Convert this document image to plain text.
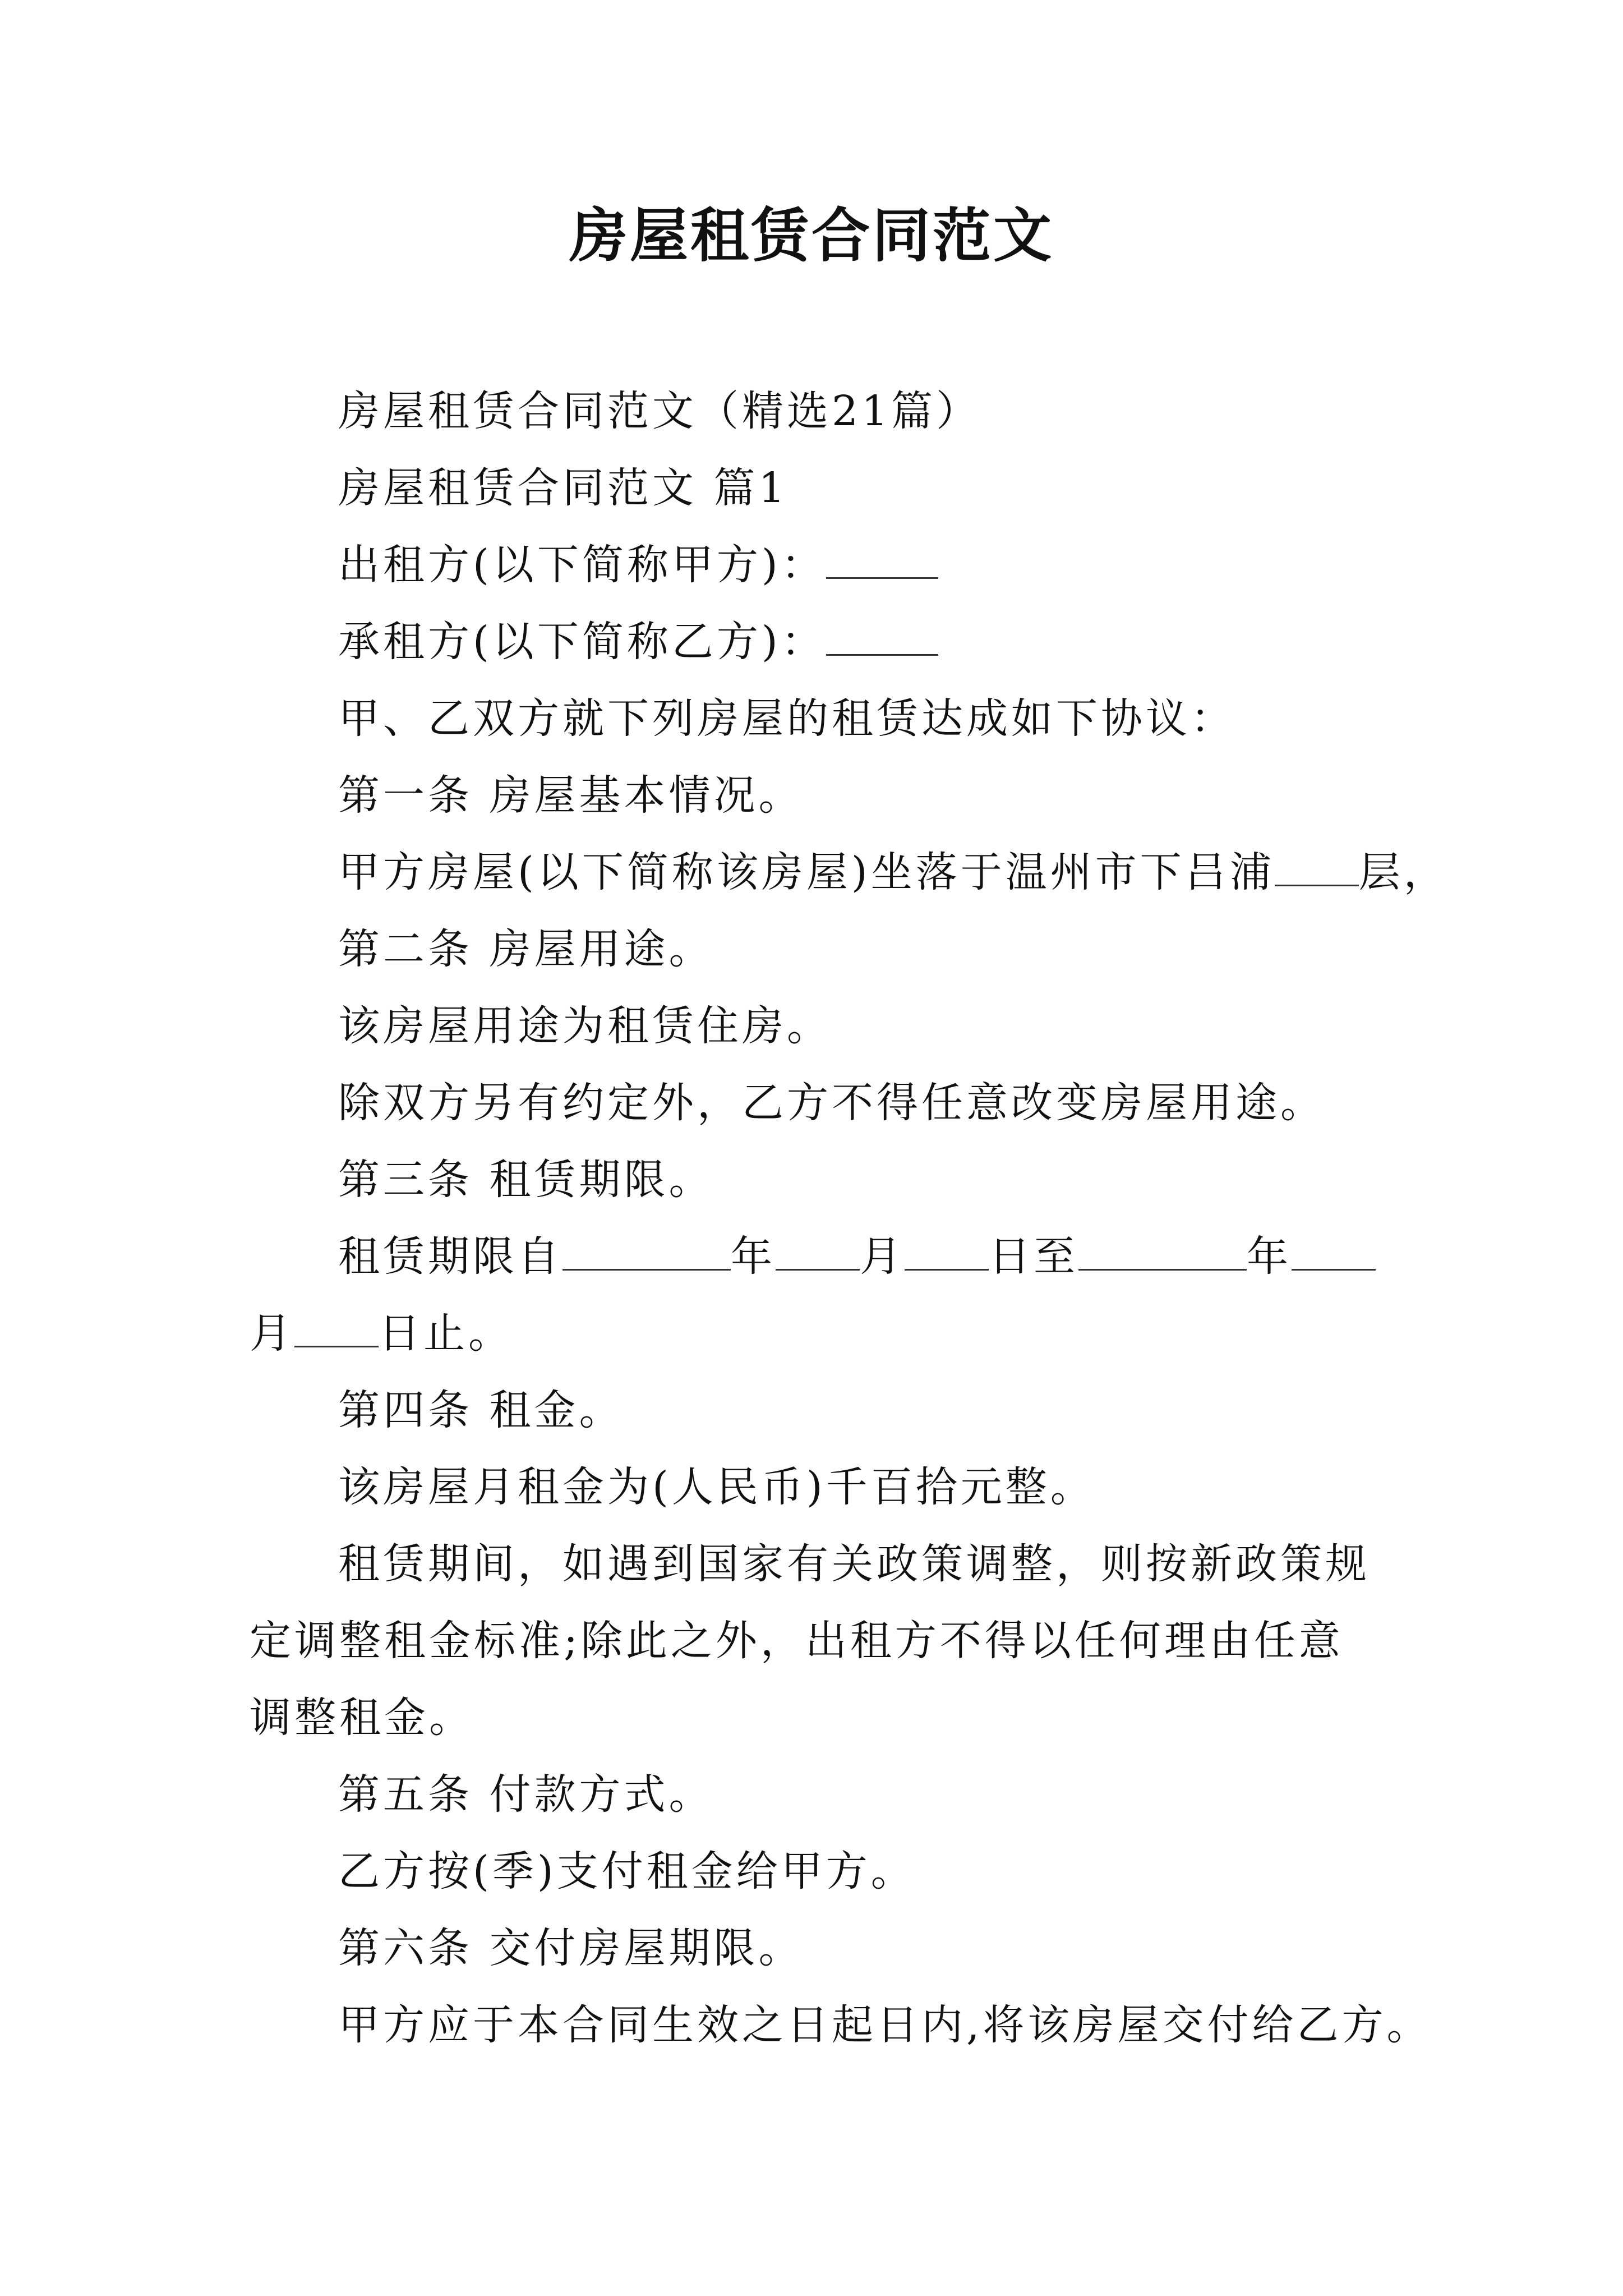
房屋租赁合同范文

房屋租赁合同范文（精选21篇）

房屋租赁合同范文 篇1

出租方(以下简称甲方)：

承租方(以下简称乙方)：

甲、乙双方就下列房屋的租赁达成如下协议：

第一条 房屋基本情况。

甲方房屋(以下简称该房屋)坐落于温州市下吕浦 层，

第二条 房屋用途。

该房屋用途为租赁住房。

除双方另有约定外，乙方不得任意改变房屋用途。

第三条 租赁期限。

租赁期限自	年 月 日至	年月 日止。

第四条 租金。

该房屋月租金为(人民币)千百拾元整。

租赁期间，如遇到国家有关政策调整，则按新政策规定调整租金标准;除此之外，出租方不得以任何理由任意调整租金。

第五条 付款方式。

乙方按(季)支付租金给甲方。

第六条 交付房屋期限。

甲方应于本合同生效之日起日内,将该房屋交付给乙方。
